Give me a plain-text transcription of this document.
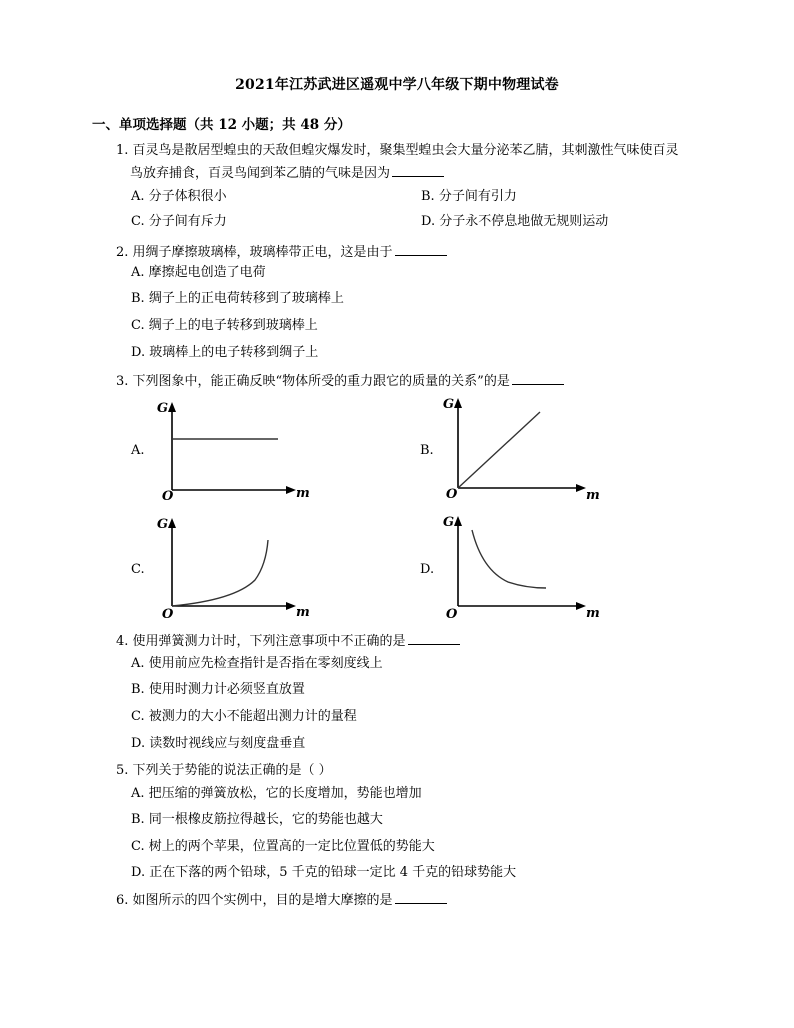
2021年江苏武进区遥观中学八年级下期中物理试卷
一、单项选择题（共 12 小题；共 48 分）
1. 百灵鸟是散居型蝗虫的天敌但蝗灾爆发时，聚集型蝗虫会大量分泌苯乙腈，其刺激性气味使百灵
鸟放弃捕食，百灵鸟闻到苯乙腈的气味是因为
A. 分子体积很小	B. 分子间有引力
C. 分子间有斥力	D. 分子永不停息地做无规则运动
2. 用绸子摩擦玻璃棒，玻璃棒带正电，这是由于
A. 摩擦起电创造了电荷
B. 绸子上的正电荷转移到了玻璃棒上
C. 绸子上的电子转移到玻璃棒上
D. 玻璃棒上的电子转移到绸子上
3. 下列图象中，能正确反映“物体所受的重力跟它的质量的关系”的是
A.
G
O	m
B.
G
O	m
C.
G
O	m
D.
G
O	m
4. 使用弹簧测力计时，下列注意事项中不正确的是
A. 使用前应先检查指针是否指在零刻度线上
B. 使用时测力计必须竖直放置
C. 被测力的大小不能超出测力计的量程
D. 读数时视线应与刻度盘垂直
5. 下列关于势能的说法正确的是（ ）
A. 把压缩的弹簧放松，它的长度增加，势能也增加
B. 同一根橡皮筋拉得越长，它的势能也越大
C. 树上的两个苹果，位置高的一定比位置低的势能大
D. 正在下落的两个铅球，5 千克的铅球一定比 4 千克的铅球势能大
6. 如图所示的四个实例中，目的是增大摩擦的是
